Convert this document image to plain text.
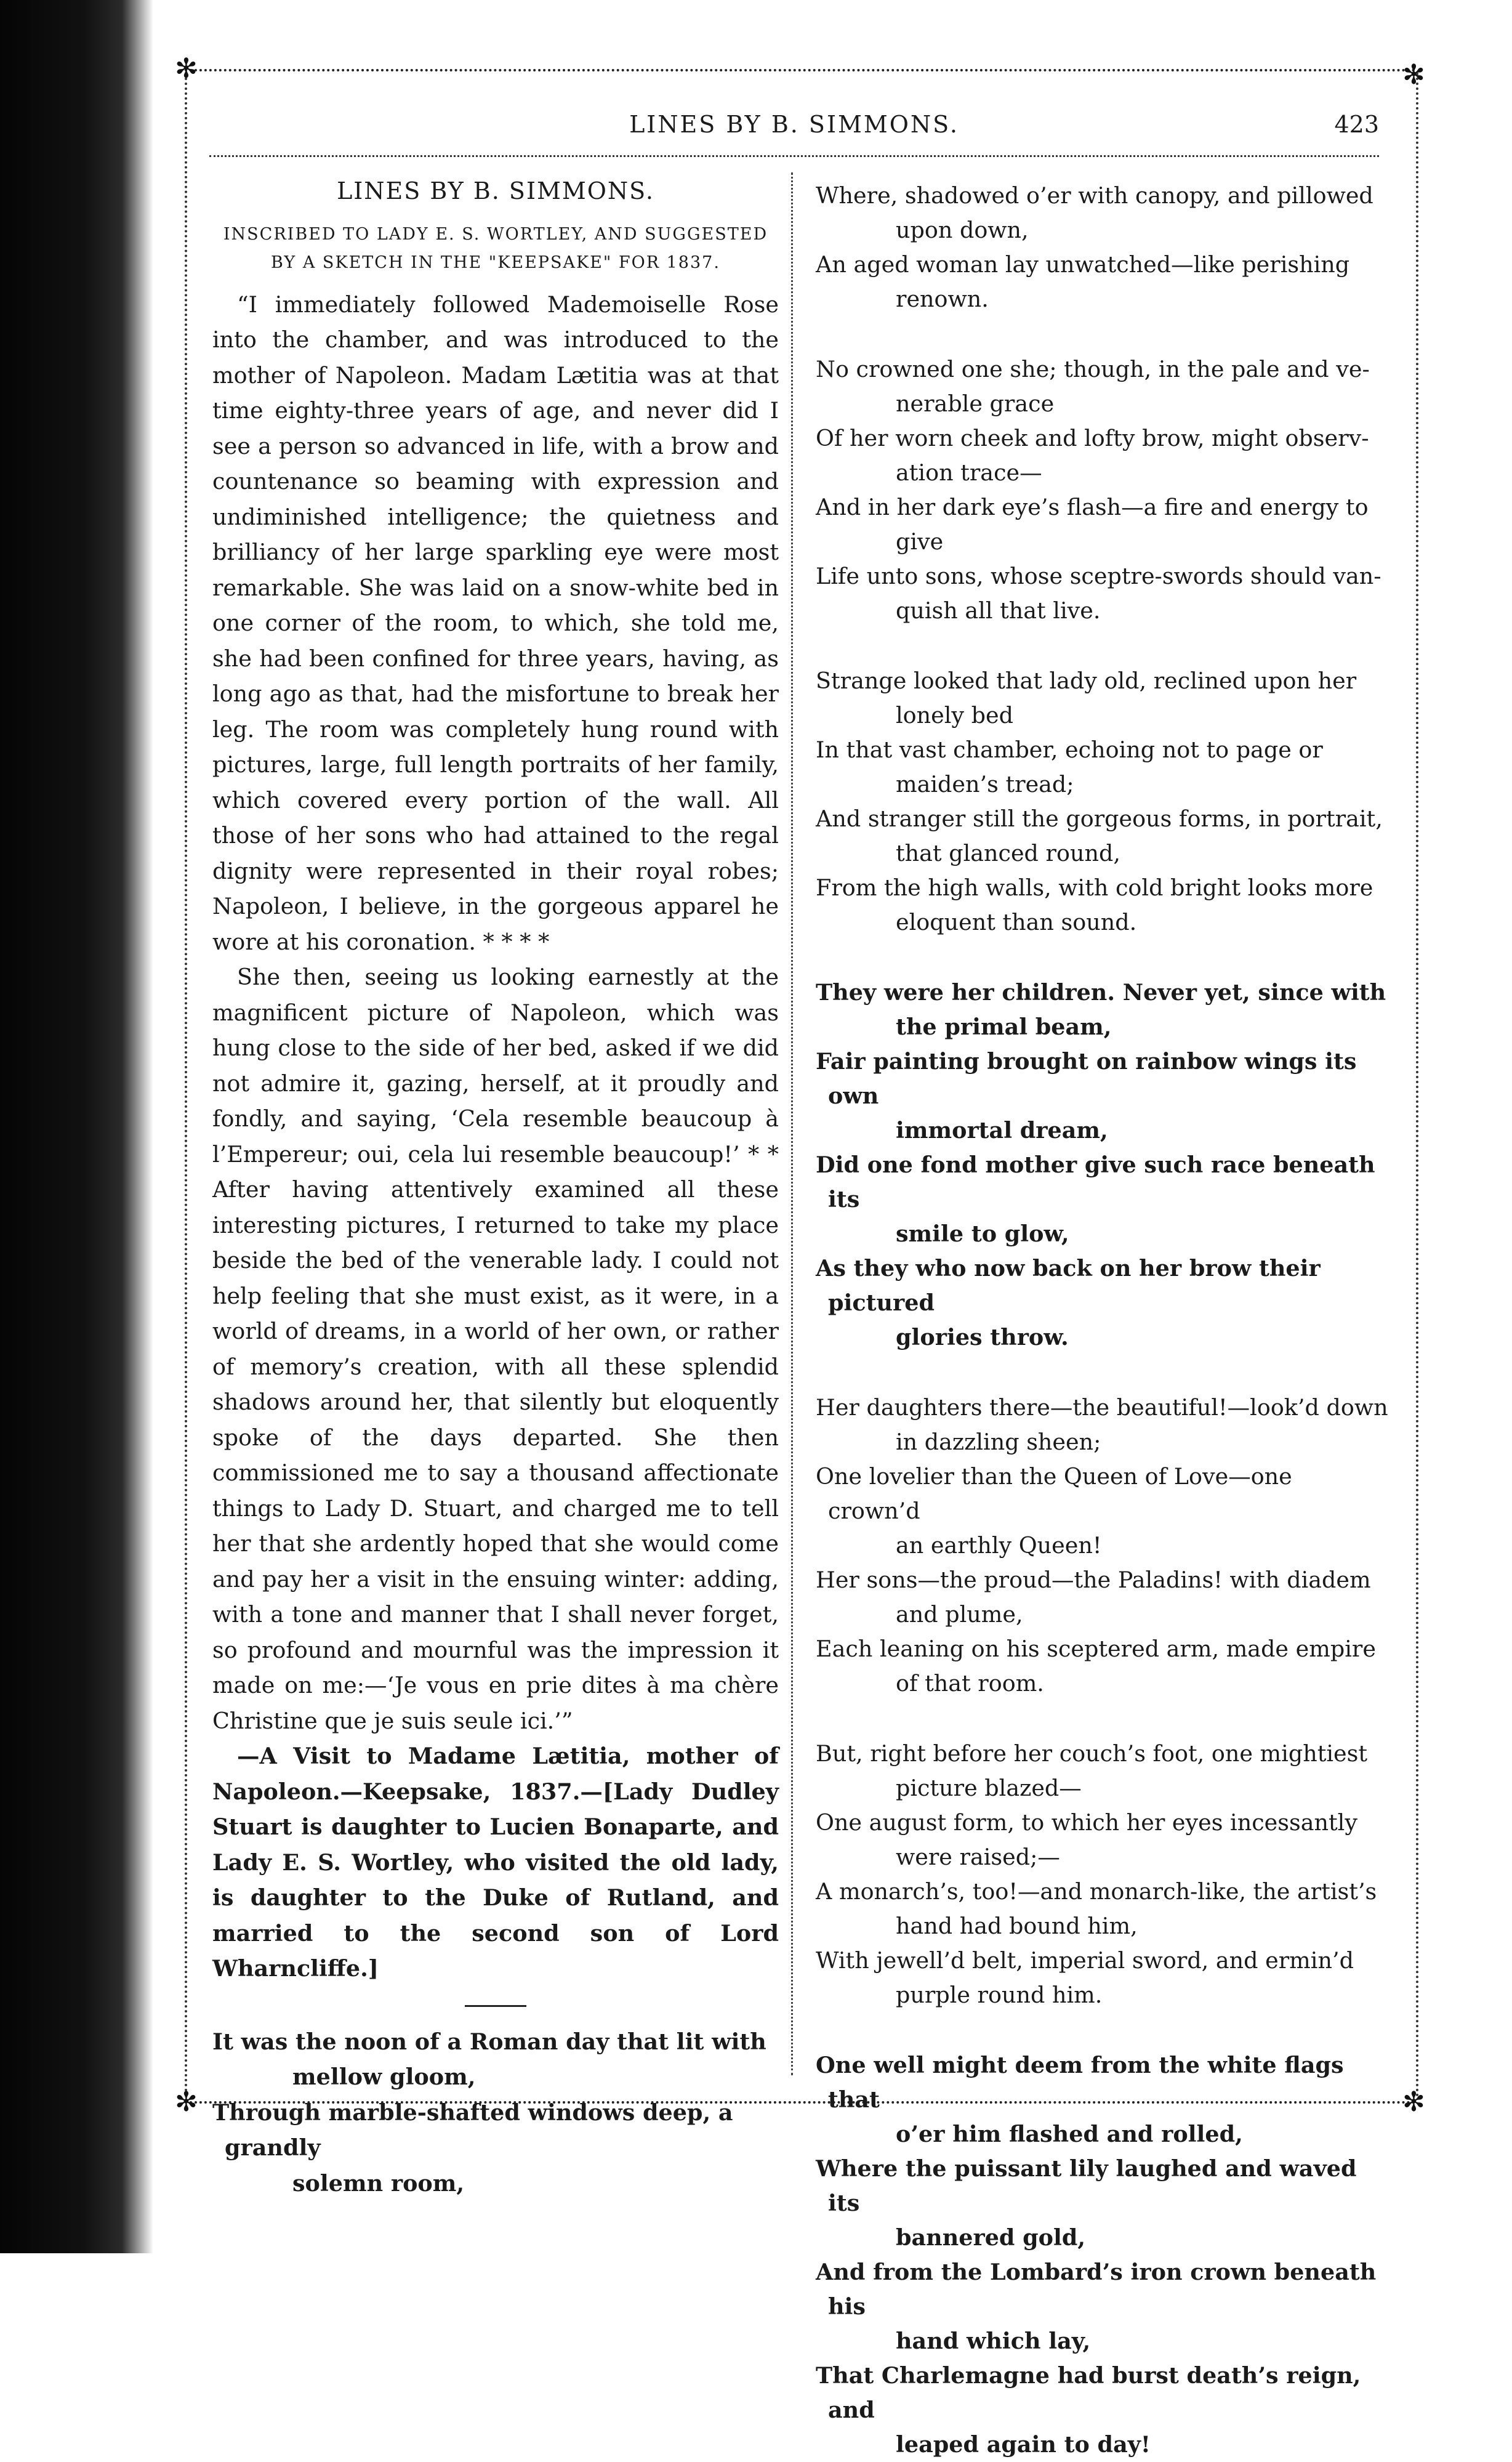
✻	✻
✻	✻
LINES BY B. SIMMONS.	423
LINES BY B. SIMMONS.
INSCRIBED TO LADY E. S. WORTLEY, AND SUGGESTED BY A SKETCH IN THE "KEEPSAKE" FOR 1837.

“I immediately followed Mademoiselle Rose into the chamber, and was introduced to the mother of Napoleon. Madam Lætitia was at that time eighty-three years of age, and never did I see a person so advanced in life, with a brow and countenance so beaming with expression and undiminished intelligence; the quietness and brilliancy of her large sparkling eye were most remarkable. She was laid on a snow-white bed in one corner of the room, to which, she told me, she had been confined for three years, having, as long ago as that, had the misfortune to break her leg. The room was completely hung round with pictures, large, full length portraits of her family, which covered every portion of the wall. All those of her sons who had attained to the regal dignity were represented in their royal robes; Napoleon, I believe, in the gorgeous apparel he wore at his coronation. * * * *

She then, seeing us looking earnestly at the magnificent picture of Napoleon, which was hung close to the side of her bed, asked if we did not admire it, gazing, herself, at it proudly and fondly, and saying, ‘Cela resemble beaucoup à l’Empereur; oui, cela lui resemble beaucoup!’ * * After having attentively examined all these interesting pictures, I returned to take my place beside the bed of the venerable lady. I could not help feeling that she must exist, as it were, in a world of dreams, in a world of her own, or rather of memory’s creation, with all these splendid shadows around her, that silently but eloquently spoke of the days departed. She then commissioned me to say a thousand affectionate things to Lady D. Stuart, and charged me to tell her that she ardently hoped that she would come and pay her a visit in the ensuing winter: adding, with a tone and manner that I shall never forget, so profound and mournful was the impression it made on me:—‘Je vous en prie dites à ma chère Christine que je suis seule ici.’”

—A Visit to Madame Lætitia, mother of Napoleon.—Keepsake, 1837.—[Lady Dudley Stuart is daughter to Lucien Bonaparte, and Lady E. S. Wortley, who visited the old lady, is daughter to the Duke of Rutland, and married to the second son of Lord Wharncliffe.]

It was the noon of a Roman day that lit with
mellow gloom,

Through marble-shafted windows deep, a grandly
solemn room,

Where, shadowed o’er with canopy, and pillowed
upon down,

An aged woman lay unwatched—like perishing
renown.

No crowned one she; though, in the pale and ve-
nerable grace

Of her worn cheek and lofty brow, might observ-
ation trace—

And in her dark eye’s flash—a fire and energy to
give

Life unto sons, whose sceptre-swords should van-
quish all that live.

Strange looked that lady old, reclined upon her
lonely bed

In that vast chamber, echoing not to page or
maiden’s tread;

And stranger still the gorgeous forms, in portrait,
that glanced round,

From the high walls, with cold bright looks more
eloquent than sound.

They were her children. Never yet, since with
the primal beam,

Fair painting brought on rainbow wings its own
immortal dream,

Did one fond mother give such race beneath its
smile to glow,

As they who now back on her brow their pictured
glories throw.

Her daughters there—the beautiful!—look’d down
in dazzling sheen;

One lovelier than the Queen of Love—one crown’d
an earthly Queen!

Her sons—the proud—the Paladins! with diadem
and plume,

Each leaning on his sceptered arm, made empire
of that room.

But, right before her couch’s foot, one mightiest
picture blazed—

One august form, to which her eyes incessantly
were raised;—

A monarch’s, too!—and monarch-like, the artist’s
hand had bound him,

With jewell’d belt, imperial sword, and ermin’d
purple round him.

One well might deem from the white flags that
o’er him flashed and rolled,

Where the puissant lily laughed and waved its
bannered gold,

And from the Lombard’s iron crown beneath his
hand which lay,

That Charlemagne had burst death’s reign, and
leaped again to day!
